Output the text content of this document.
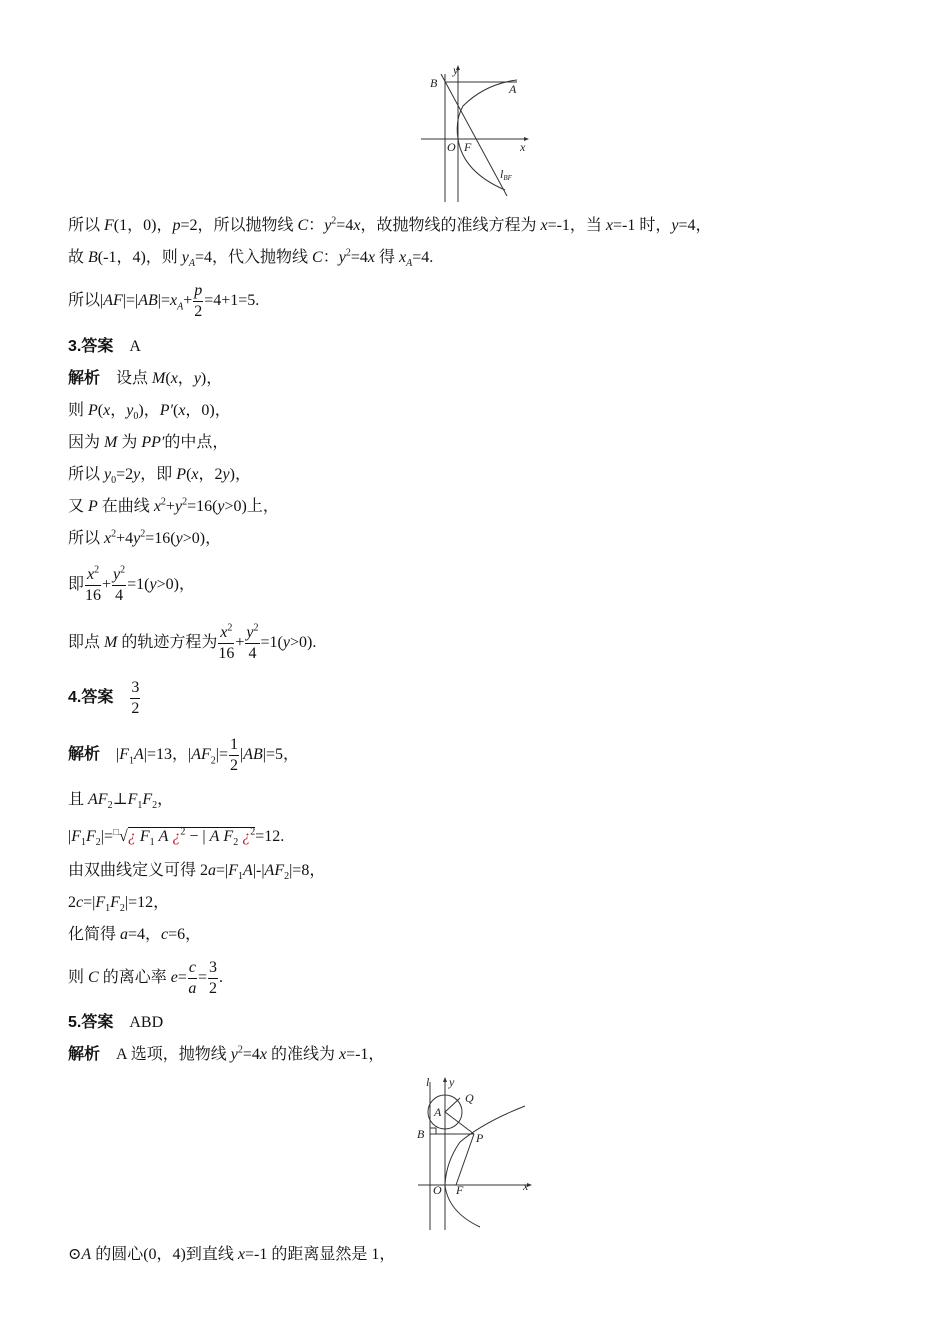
y
B	A
O F	x
lBF
所以 F(1，0)，p=2，所以抛物线 C：$y^2=4x$，故抛物线的准线方程为 x=-1，当 x=-1 时，y=4，
故 B(-1，4)，则 $y_A=4$，代入抛物线 C：$y^2=4x$ 得 $x_A=4$.
所以$|AF|=|AB|=x_A+ \frac{p}{2} =4+1=5$.
3.答案 A
解析 设点 M(x，y)，
则 P(x，$y_0$)，P′(x，0)，
因为 M 为 PP′的中点，
所以 $y_0=2y$，即 P(x，2y)，
又 P 在曲线 $x^2+y^2=16(y>0)$上，
所以 $x^2+4y^2=16(y>0)$，
即 $\frac{x^2}{16} + \frac{y^2}{4} =1(y>0)$，
即点 M 的轨迹方程为 $\frac{x^2}{16} + \frac{y^2}{4} =1(y>0)$.
4.答案 $\frac{3}{2}$
解析 $|F_1A|=13$，$|AF_2|= \frac{1}{2} |AB|=5$，
且 $AF_2\perp F_1F_2$，
$|F_1F_2|=^□√¿$ $F_1$ A ¿$^2$ − | A $F_2$ ¿$^2$=12.
由双曲线定义可得 $2a=|F_1A|-|AF_2|=8$，
$2c=|F_1F_2|=12$，
化简得 a=4，c=6，
则 C 的离心率 $e= \frac{c}{a} = \frac{3}{2}$ .
5.答案 ABD
解析 A 选项，抛物线 $y^2=4x$ 的准线为 x=-1，
l y
Q
A
B	P
O F	x
⊙A 的圆心(0，4)到直线 x=-1 的距离显然是 1，
